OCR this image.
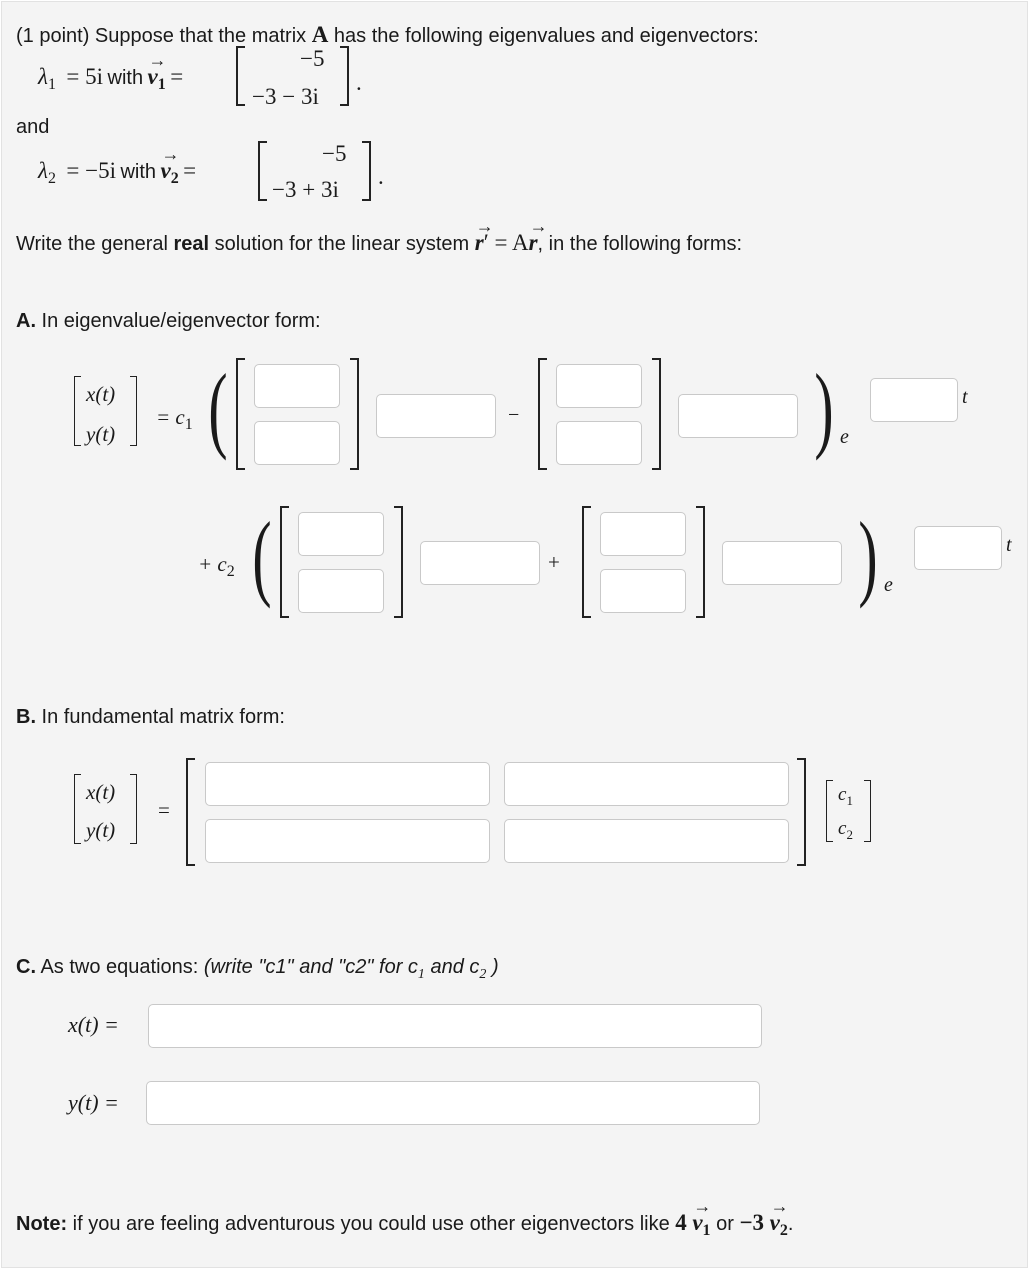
(1 point) Suppose that the matrix A has the following eigenvalues and eigenvectors:
λ1 = 5i with → v1 =
−5
−3 − 3i
.
and
λ2 = −5i with → v2 =
−5
−3 + 3i
.
Write the general real solution for the linear system → r′ = A→ r, in the following forms:
A. In eigenvalue/eigenvector form:
x(t)
y(t)
= $c_1$ (	−	) e
t
+ $c_2$ (	+	) e
t
B. In fundamental matrix form:
x(t)
y(t)
=
$c_1$
$c_2$
C. As two equations: (write "c1" and "c2" for $c_1$ and $c_2$ )
x(t) =
y(t) =
Note: if you are feeling adventurous you could use other eigenvectors like $4 \to v_1$ or $-3 \to v_2$.
